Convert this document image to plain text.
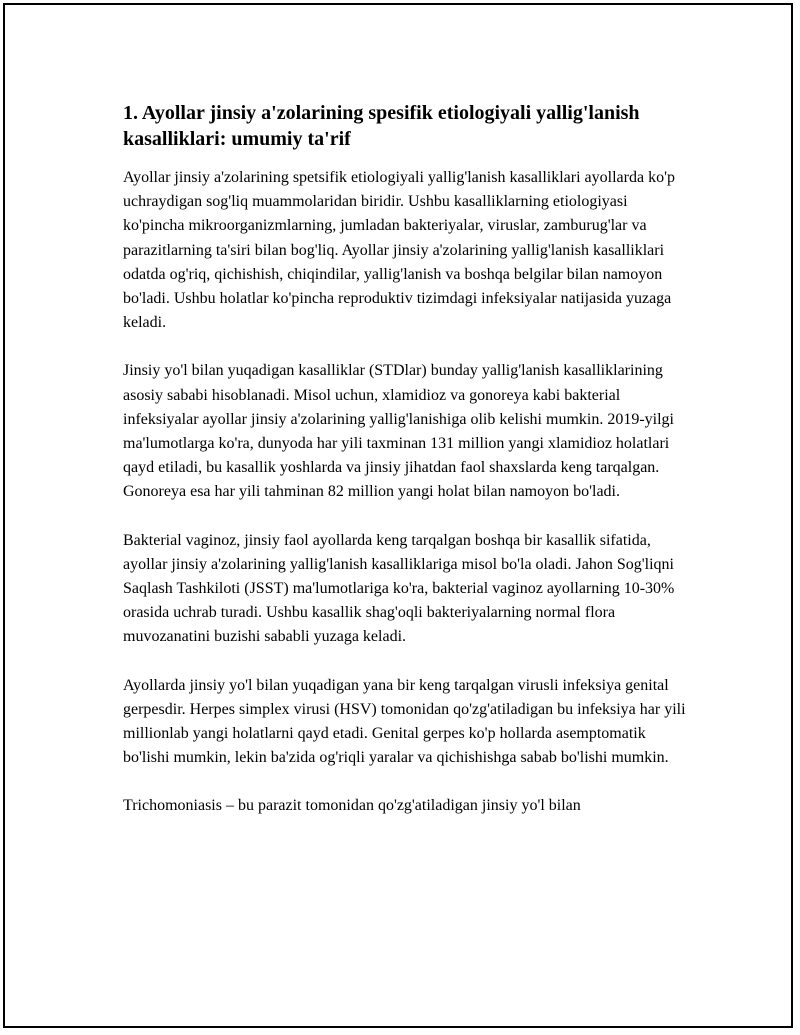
1. Ayollar jinsiy a'zolarining spesifik etiologiyali yallig'lanish kasalliklari: umumiy ta'rif

Ayollar jinsiy a'zolarining spetsifik etiologiyali yallig'lanish kasalliklari ayollarda ko'p uchraydigan sog'liq muammolaridan biridir. Ushbu kasalliklarning etiologiyasi ko'pincha mikroorganizmlarning, jumladan bakteriyalar, viruslar, zamburug'lar va parazitlarning ta'siri bilan bog'liq. Ayollar jinsiy a'zolarining yallig'lanish kasalliklari odatda og'riq, qichishish, chiqindilar, yallig'lanish va boshqa belgilar bilan namoyon bo'ladi. Ushbu holatlar ko'pincha reproduktiv tizimdagi infeksiyalar natijasida yuzaga keladi.

Jinsiy yo'l bilan yuqadigan kasalliklar (STDlar) bunday yallig'lanish kasalliklarining asosiy sababi hisoblanadi. Misol uchun, xlamidioz va gonoreya kabi bakterial infeksiyalar ayollar jinsiy a'zolarining yallig'lanishiga olib kelishi mumkin. 2019-yilgi ma'lumotlarga ko'ra, dunyoda har yili taxminan 131 million yangi xlamidioz holatlari qayd etiladi, bu kasallik yoshlarda va jinsiy jihatdan faol shaxslarda keng tarqalgan. Gonoreya esa har yili tahminan 82 million yangi holat bilan namoyon bo'ladi.

Bakterial vaginoz, jinsiy faol ayollarda keng tarqalgan boshqa bir kasallik sifatida, ayollar jinsiy a'zolarining yallig'lanish kasalliklariga misol bo'la oladi. Jahon Sog'liqni Saqlash Tashkiloti (JSST) ma'lumotlariga ko'ra, bakterial vaginoz ayollarning 10-30% orasida uchrab turadi. Ushbu kasallik shag'oqli bakteriyalarning normal flora muvozanatini buzishi sababli yuzaga keladi.

Ayollarda jinsiy yo'l bilan yuqadigan yana bir keng tarqalgan virusli infeksiya genital gerpesdir. Herpes simplex virusi (HSV) tomonidan qo'zg'atiladigan bu infeksiya har yili millionlab yangi holatlarni qayd etadi. Genital gerpes ko'p hollarda asemptomatik bo'lishi mumkin, lekin ba'zida og'riqli yaralar va qichishishga sabab bo'lishi mumkin.

Trichomoniasis – bu parazit tomonidan qo'zg'atiladigan jinsiy yo'l bilan
